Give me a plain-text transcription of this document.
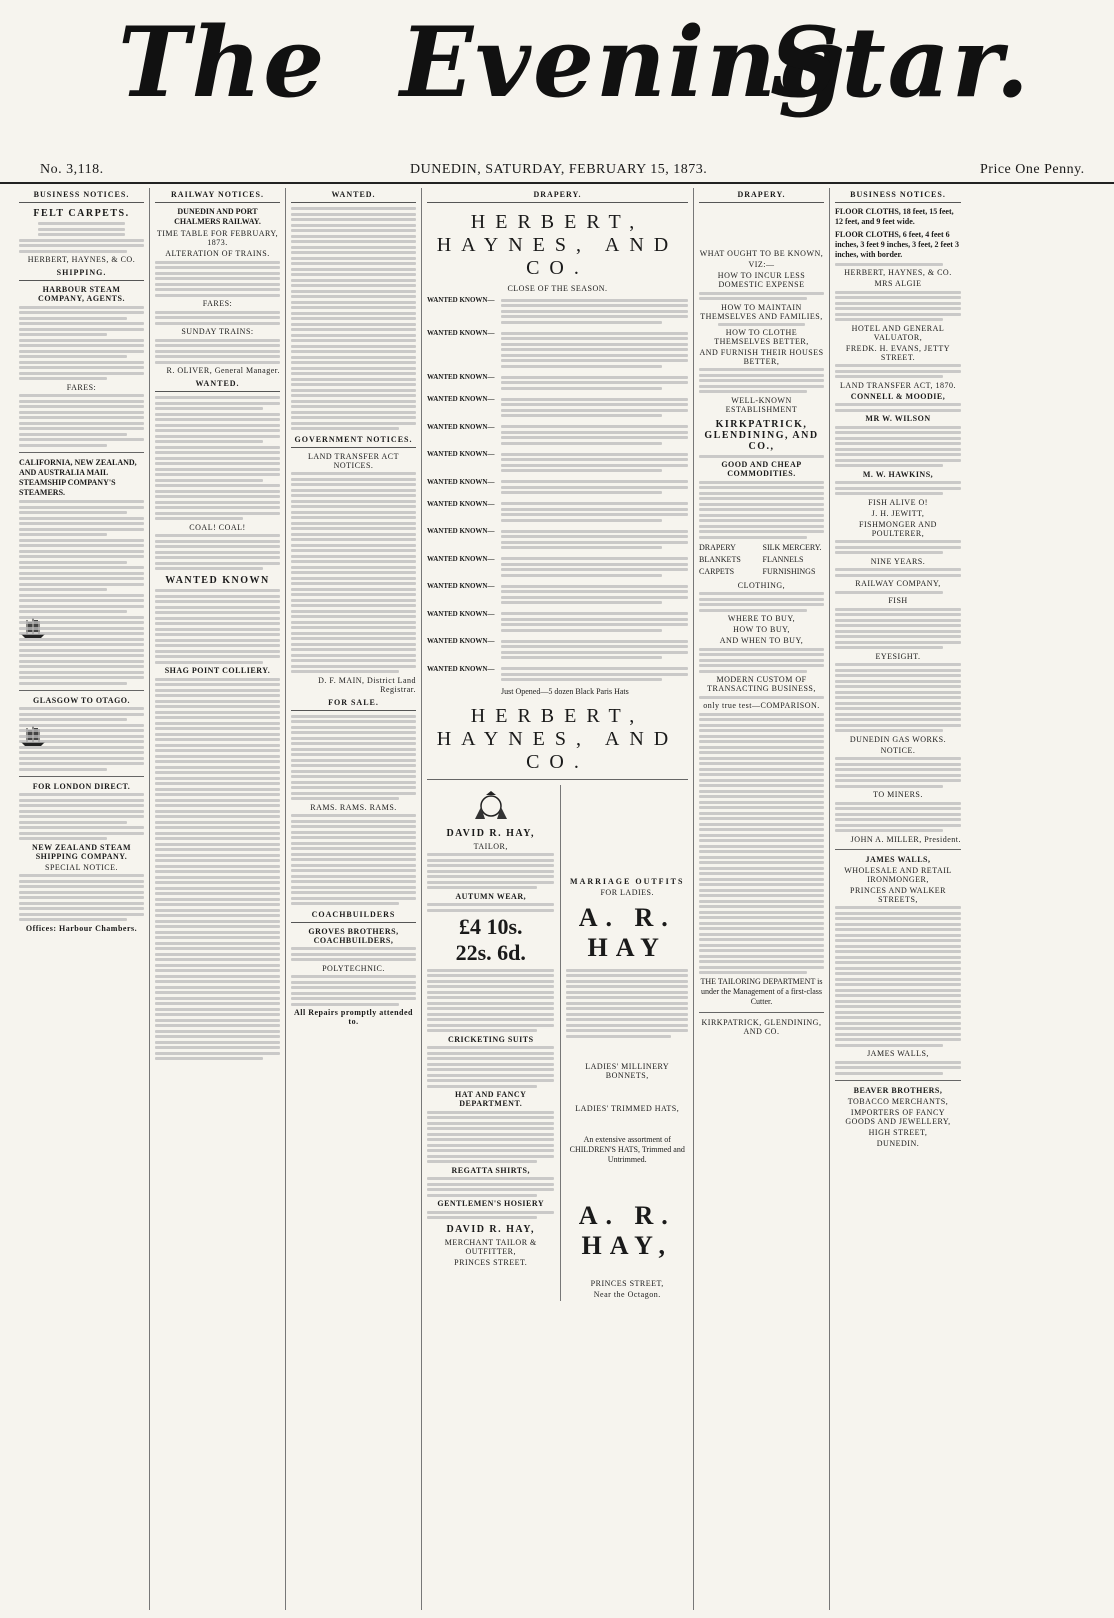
The Evening
Star.
No. 3,118.	DUNEDIN, SATURDAY, FEBRUARY 15, 1873.	Price One Penny.
BUSINESS NOTICES.
FELT CARPETS.
HERBERT, HAYNES, & CO.
SHIPPING.
HARBOUR STEAM COMPANY, AGENTS.
FARES:
CALIFORNIA, NEW ZEALAND, AND AUSTRALIA MAIL STEAMSHIP COMPANY'S STEAMERS.
GLASGOW TO OTAGO.
FOR LONDON DIRECT.
NEW ZEALAND STEAM SHIPPING COMPANY.
SPECIAL NOTICE.
Offices: Harbour Chambers.
RAILWAY NOTICES.
DUNEDIN AND PORT CHALMERS RAILWAY.
TIME TABLE FOR FEBRUARY, 1873.
ALTERATION OF TRAINS.
FARES:
SUNDAY TRAINS:
R. OLIVER, General Manager.
WANTED.
COAL! COAL!
WANTED KNOWN
SHAG POINT COLLIERY.
WANTED.
GOVERNMENT NOTICES.
LAND TRANSFER ACT NOTICES.
D. F. MAIN, District Land Registrar.
FOR SALE.
RAMS. RAMS. RAMS.
COACHBUILDERS
GROVES BROTHERS, COACHBUILDERS,
POLYTECHNIC.
All Repairs promptly attended to.
DRAPERY.
HERBERT, HAYNES, AND CO.
CLOSE OF THE SEASON.
WANTED KNOWN—
WANTED KNOWN—
WANTED KNOWN—
WANTED KNOWN—
WANTED KNOWN—
WANTED KNOWN—
WANTED KNOWN—
WANTED KNOWN—
WANTED KNOWN—
WANTED KNOWN—
WANTED KNOWN—
WANTED KNOWN—
WANTED KNOWN—
WANTED KNOWN—
Just Opened—5 dozen Black Paris Hats
HERBERT, HAYNES, AND CO.
DAVID R. HAY,
TAILOR,
AUTUMN WEAR,
£4 10s.
22s. 6d.
CRICKETING SUITS
HAT AND FANCY DEPARTMENT.
REGATTA SHIRTS,
GENTLEMEN'S HOSIERY
DAVID R. HAY,
MERCHANT TAILOR & OUTFITTER,
PRINCES STREET.
MARRIAGE OUTFITS
FOR LADIES.
A. R. HAY
LADIES' MILLINERY BONNETS,
LADIES' TRIMMED HATS,
An extensive assortment of CHILDREN'S HATS, Trimmed and Untrimmed.
A. R. HAY,
PRINCES STREET,
Near the Octagon.
DRAPERY.
WHAT OUGHT TO BE KNOWN,
VIZ:—
HOW TO INCUR LESS DOMESTIC EXPENSE
HOW TO MAINTAIN THEMSELVES AND FAMILIES,
HOW TO CLOTHE THEMSELVES BETTER,
AND FURNISH THEIR HOUSES BETTER,
WELL-KNOWN ESTABLISHMENT
KIRKPATRICK, GLENDINING, AND CO.,
GOOD AND CHEAP COMMODITIES.
DRAPERY	SILK MERCERY.
BLANKETS	FLANNELS
CARPETS	FURNISHINGS
CLOTHING,
WHERE TO BUY,
HOW TO BUY,
AND WHEN TO BUY,
MODERN CUSTOM OF TRANSACTING BUSINESS,
only true test—COMPARISON.
THE TAILORING DEPARTMENT is under the Management of a first-class Cutter.
KIRKPATRICK, GLENDINING, AND CO.
BUSINESS NOTICES.
FLOOR CLOTHS, 18 feet, 15 feet, 12 feet, and 9 feet wide.
FLOOR CLOTHS, 6 feet, 4 feet 6 inches, 3 feet 9 inches, 3 feet, 2 feet 3 inches, with border.
HERBERT, HAYNES, & CO.
MRS ALGIE
HOTEL AND GENERAL VALUATOR,
FREDK. H. EVANS, JETTY STREET.
LAND TRANSFER ACT, 1870.
CONNELL & MOODIE,
MR W. WILSON
M. W. HAWKINS,
FISH ALIVE O!
J. H. JEWITT,
FISHMONGER AND POULTERER,
NINE YEARS.
RAILWAY COMPANY,
FISH
EYESIGHT.
DUNEDIN GAS WORKS.
NOTICE.
TO MINERS.
JOHN A. MILLER, President.
JAMES WALLS,
WHOLESALE AND RETAIL IRONMONGER,
PRINCES AND WALKER STREETS,
JAMES WALLS,
BEAVER BROTHERS,
TOBACCO MERCHANTS,
IMPORTERS OF FANCY GOODS AND JEWELLERY,
HIGH STREET,
DUNEDIN.
